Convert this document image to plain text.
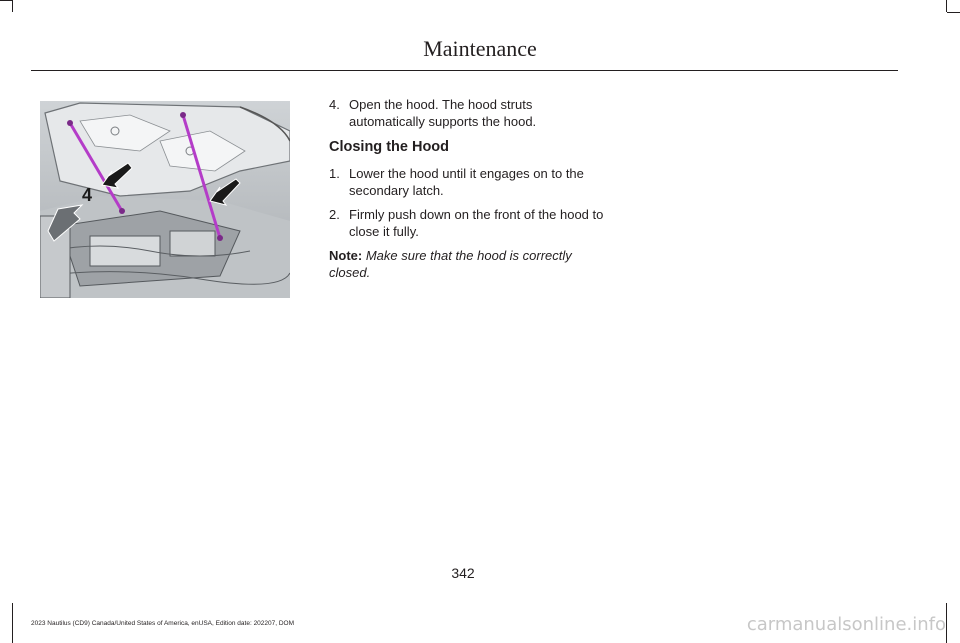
Maintenance
4
4. Open the hood. The hood struts automatically supports the hood.
Closing the Hood
1. Lower the hood until it engages on to the secondary latch.
2. Firmly push down on the front of the hood to close it fully.
Note: Make sure that the hood is correctly closed.
342
2023 Nautilus (CD9) Canada/United States of America, enUSA, Edition date: 202207, DOM	carmanualsonline.info
